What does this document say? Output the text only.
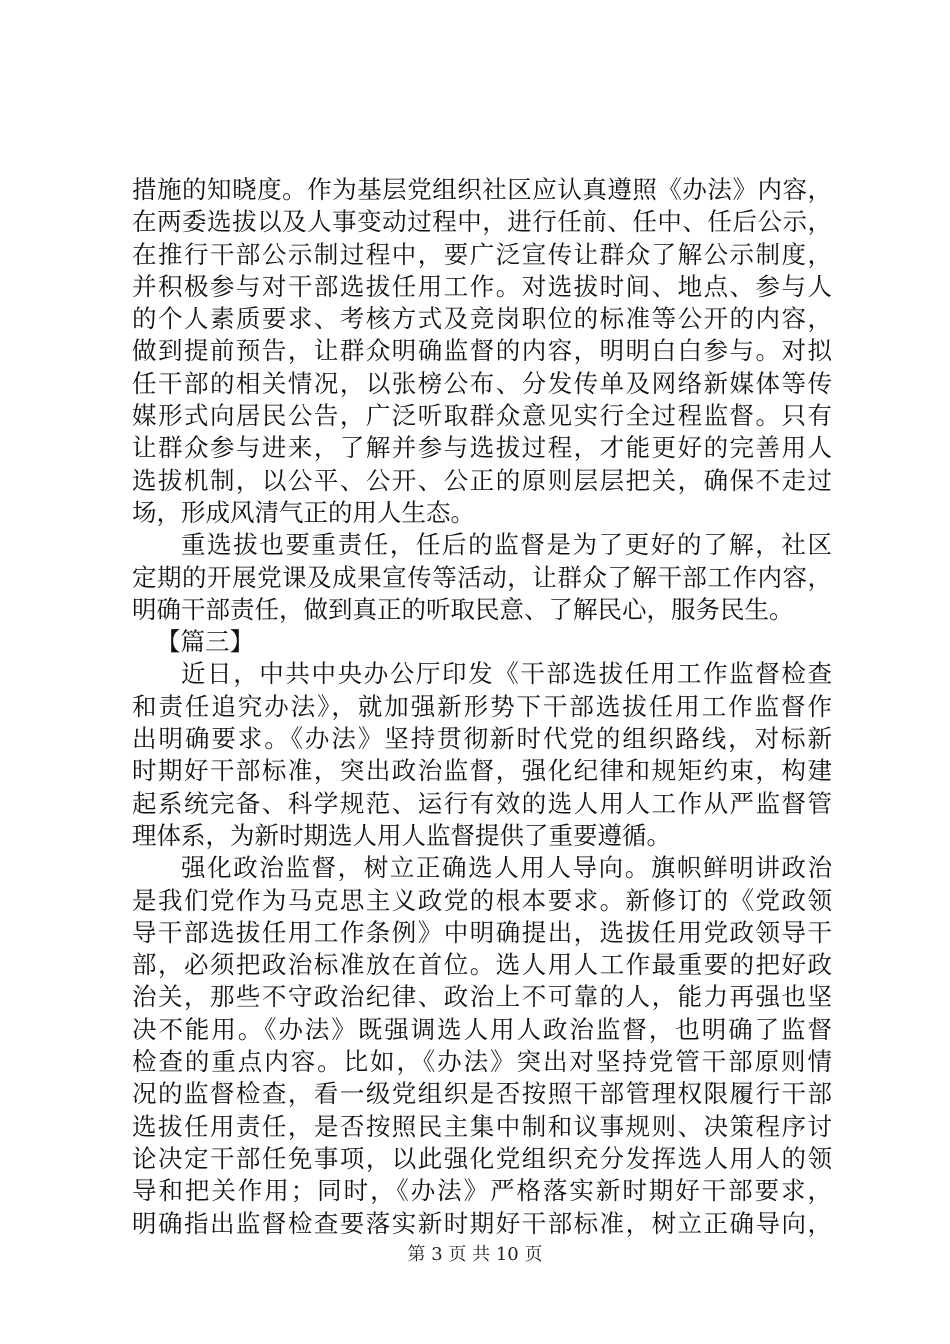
措施的知晓度。作为基层党组织社区应认真遵照《办法》内容，
在两委选拔以及人事变动过程中，进行任前、任中、任后公示，
在推行干部公示制过程中，要广泛宣传让群众了解公示制度，
并积极参与对干部选拔任用工作。对选拔时间、地点、参与人
的个人素质要求、考核方式及竞岗职位的标准等公开的内容，
做到提前预告，让群众明确监督的内容，明明白白参与。对拟
任干部的相关情况，以张榜公布、分发传单及网络新媒体等传
媒形式向居民公告，广泛听取群众意见实行全过程监督。只有
让群众参与进来，了解并参与选拔过程，才能更好的完善用人
选拔机制，以公平、公开、公正的原则层层把关，确保不走过
场，形成风清气正的用人生态。
重选拔也要重责任，任后的监督是为了更好的了解，社区
定期的开展党课及成果宣传等活动，让群众了解干部工作内容，
明确干部责任，做到真正的听取民意、了解民心，服务民生。
【篇三】
近日，中共中央办公厅印发《干部选拔任用工作监督检查
和责任追究办法》，就加强新形势下干部选拔任用工作监督作
出明确要求。《办法》坚持贯彻新时代党的组织路线，对标新
时期好干部标准，突出政治监督，强化纪律和规矩约束，构建
起系统完备、科学规范、运行有效的选人用人工作从严监督管
理体系，为新时期选人用人监督提供了重要遵循。
强化政治监督，树立正确选人用人导向。旗帜鲜明讲政治
是我们党作为马克思主义政党的根本要求。新修订的《党政领
导干部选拔任用工作条例》中明确提出，选拔任用党政领导干
部，必须把政治标准放在首位。选人用人工作最重要的把好政
治关，那些不守政治纪律、政治上不可靠的人，能力再强也坚
决不能用。《办法》既强调选人用人政治监督，也明确了监督
检查的重点内容。比如，《办法》突出对坚持党管干部原则情
况的监督检查，看一级党组织是否按照干部管理权限履行干部
选拔任用责任，是否按照民主集中制和议事规则、决策程序讨
论决定干部任免事项，以此强化党组织充分发挥选人用人的领
导和把关作用；同时，《办法》严格落实新时期好干部要求，
明确指出监督检查要落实新时期好干部标准，树立正确导向，
第 3 页 共 10 页
